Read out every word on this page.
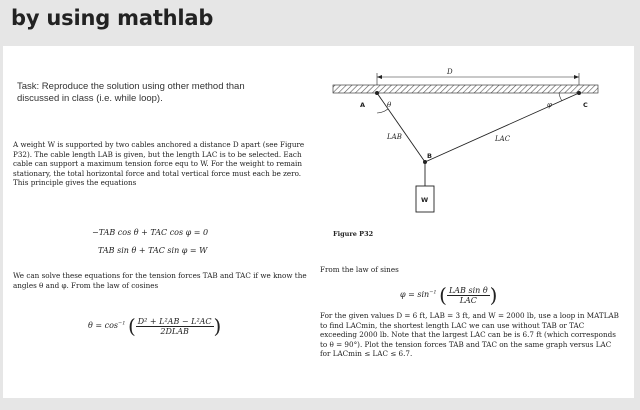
by using mathlab
Task: Reproduce the solution using other method than discussed in class (i.e. while loop).
A weight W is supported by two cables anchored a distance D apart (see Figure P32). The cable length LAB is given, but the length LAC is to be selected. Each cable can support a maximum tension force equ to W. For the weight to remain stationary, the total horizontal force and total vertical force must each be zero. This principle gives the equations
−TAB cos θ + TAC cos φ = 0
TAB sin θ + TAC sin φ = W
We can solve these equations for the tension forces TAB and TAC if we know the angles θ and φ. From the law of cosines
$\theta = \cos^{-1}$ ( $\frac{\text{D² + L²AB − L²AC}}{\text{2DLAB}}$ )
Figure P32
From the law of sines
$\varphi = \sin^{-1}$ ( $\frac{\text{LAB sin θ}}{\text{LAC}}$ )
For the given values D = 6 ft, LAB = 3 ft, and W = 2000 lb, use a loop in MATLAB to find LACmin, the shortest length LAC we can use without TAB or TAC exceeding 2000 lb. Note that the largest LAC can be is 6.7 ft (which corresponds to θ = 90°). Plot the tension forces TAB and TAC on the same graph versus LAC for LACmin ≤ LAC ≤ 6.7.
D
θ	φ
A	C
B
LAB	LAC
W
